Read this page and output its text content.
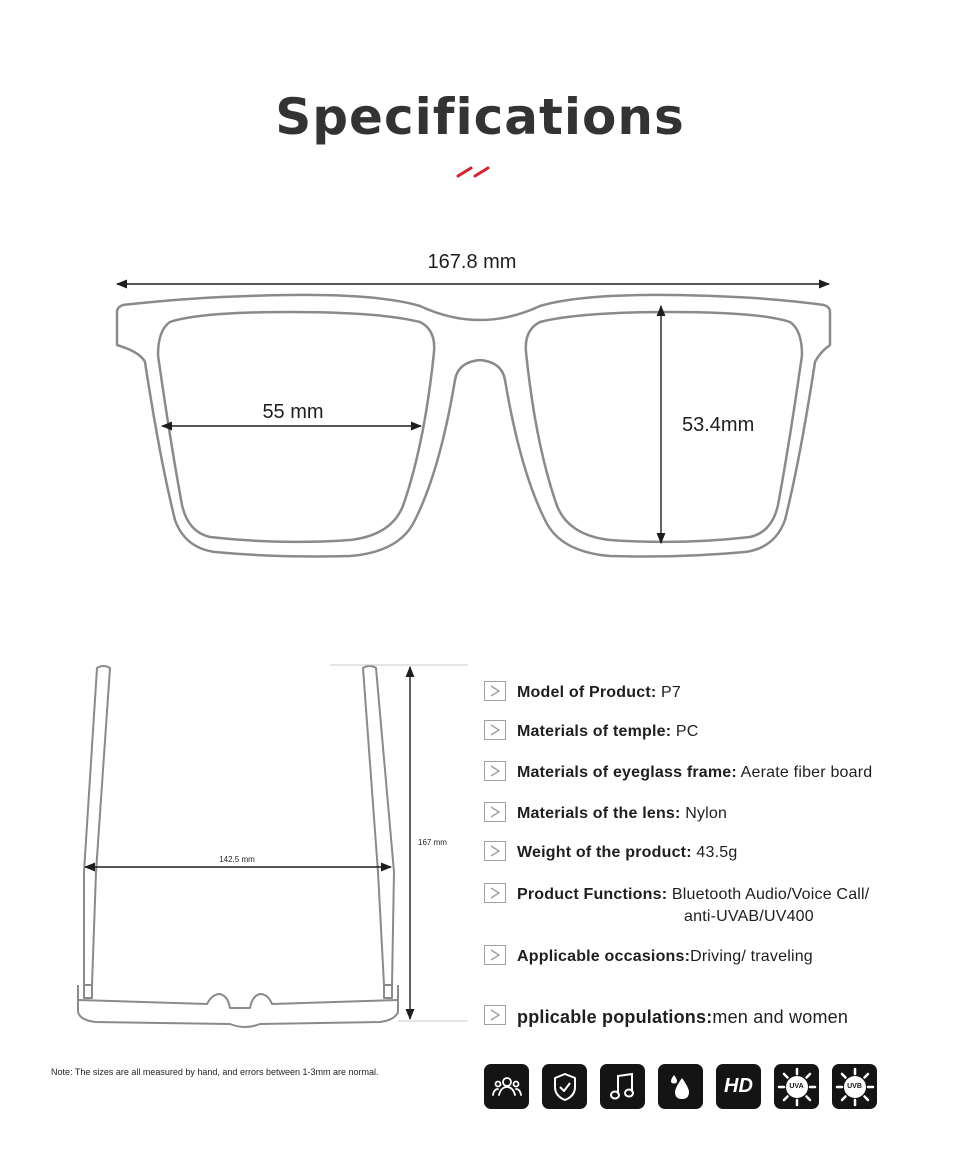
Specifications
167.8 mm
55 mm
53.4mm
142.5 mm
167 mm
Model of Product: P7
Materials of temple: PC
Materials of eyeglass frame: Aerate fiber board
Materials of the lens: Nylon
Weight of the product: 43.5g
Product Functions: Bluetooth Audio/Voice Call/
anti-UVAB/UV400
Applicable occasions:Driving/ traveling
pplicable populations:men and women
Note: The sizes are all measured by hand, and errors between 1-3mm are normal.
HD	UVA	UVB
